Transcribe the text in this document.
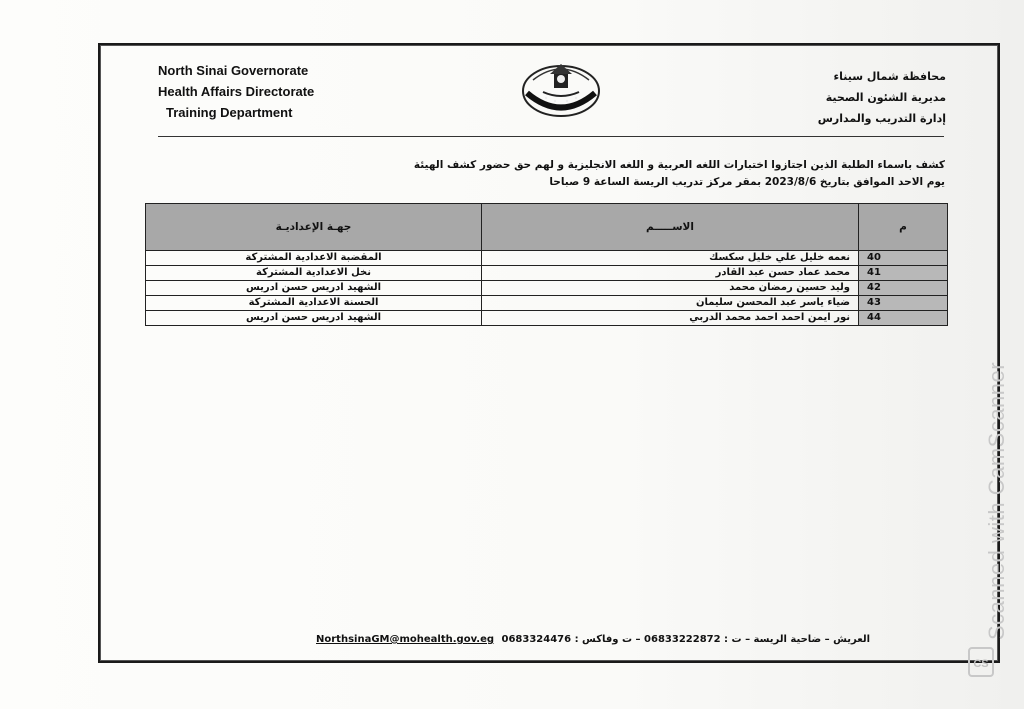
North Sinai Governorate
Health Affairs Directorate
Training Department
محافظة شمال سيناء
مديرية الشئون الصحية
إدارة التدريب والمدارس
كشف باسماء الطلبة الذين اجتازوا اختبارات اللغه العربية و اللغه الانجليزية و لهم حق حضور كشف الهيئة
يوم الاحد الموافق بتاريخ 2023/8/6 بمقر مركز تدريب الريسة الساعة 9 صباحا
جهـة الإعداديـة	الاســـــم	م
المقضبة الاعدادية المشتركة	نعمه خليل علي خليل سكسك	40
نخل الاعدادية المشتركة	محمد عماد حسن عبد القادر	41
الشهيد ادريس حسن ادريس	وليد حسين رمضان محمد	42
الحسنة الاعدادية المشتركة	ضياء ياسر عبد المحسن سليمان	43
الشهيد ادريس حسن ادريس	نور ايمن احمد احمد محمد الدربي	44
NorthsinaGM@mohealth.gov.eg العريش – ضاحية الريسة – ت : 06833222872 – ت وفاكس : 0683324476	Scanned with CamScanner
CS
